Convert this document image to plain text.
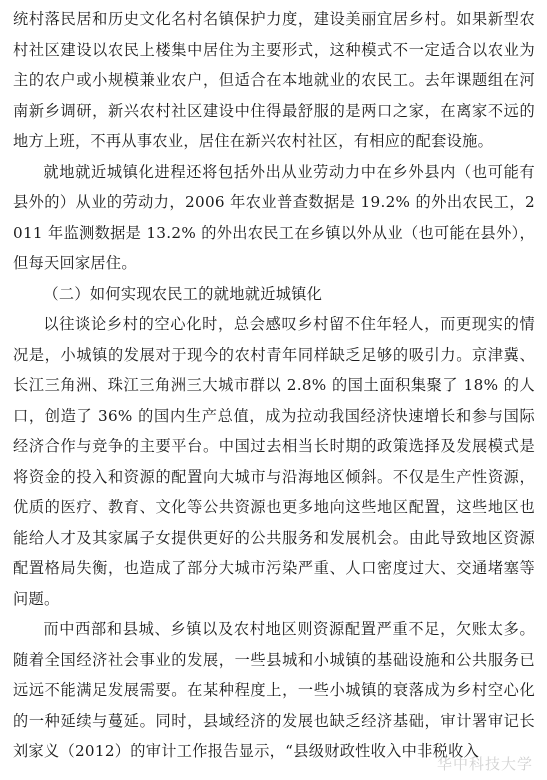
统村落民居和历史文化名村名镇保护力度，建设美丽宜居乡村。如果新型农村社区建设以农民上楼集中居住为主要形式，这种模式不一定适合以农业为主的农户或小规模兼业农户，但适合在本地就业的农民工。去年课题组在河南新乡调研，新兴农村社区建设中住得最舒服的是两口之家，在离家不远的地方上班，不再从事农业，居住在新兴农村社区，有相应的配套设施。

就地就近城镇化进程还将包括外出从业劳动力中在乡外县内（也可能有县外的）从业的劳动力，2006 年农业普查数据是 19.2% 的外出农民工，2011 年监测数据是 13.2% 的外出农民工在乡镇以外从业（也可能在县外），但每天回家居住。

（二）如何实现农民工的就地就近城镇化

以往谈论乡村的空心化时，总会感叹乡村留不住年轻人，而更现实的情况是，小城镇的发展对于现今的农村青年同样缺乏足够的吸引力。京津冀、长江三角洲、珠江三角洲三大城市群以 2.8% 的国土面积集聚了 18% 的人口，创造了 36% 的国内生产总值，成为拉动我国经济快速增长和参与国际经济合作与竞争的主要平台。中国过去相当长时期的政策选择及发展模式是将资金的投入和资源的配置向大城市与沿海地区倾斜。不仅是生产性资源，优质的医疗、教育、文化等公共资源也更多地向这些地区配置，这些地区也能给人才及其家属子女提供更好的公共服务和发展机会。由此导致地区资源配置格局失衡，也造成了部分大城市污染严重、人口密度过大、交通堵塞等问题。

而中西部和县城、乡镇以及农村地区则资源配置严重不足，欠账太多。随着全国经济社会事业的发展，一些县城和小城镇的基础设施和公共服务已远远不能满足发展需要。在某种程度上，一些小城镇的衰落成为乡村空心化的一种延续与蔓延。同时，县域经济的发展也缺乏经济基础，审计署审记长刘家义（2012）的审计工作报告显示，“县级财政性收入中非税收入

华中科技大学
